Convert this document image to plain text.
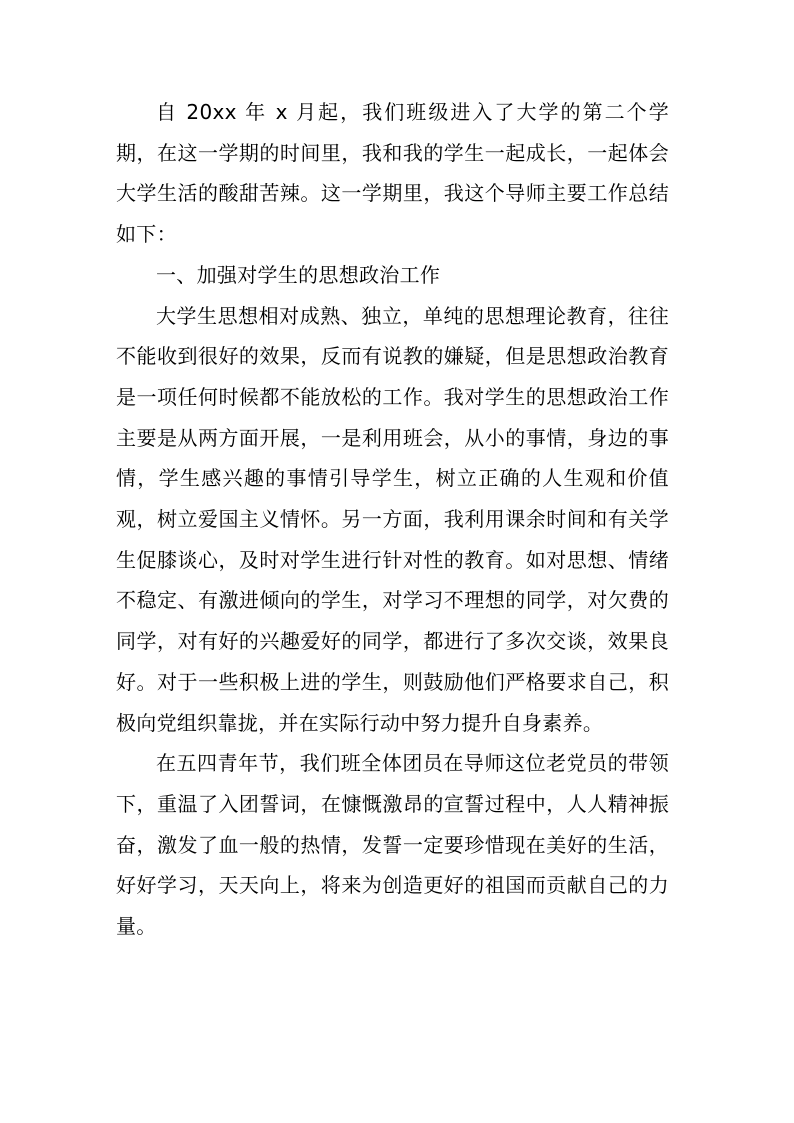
自 20xx 年 x 月起，我们班级进入了大学的第二个学期，在这一学期的时间里，我和我的学生一起成长，一起体会大学生活的酸甜苦辣。这一学期里，我这个导师主要工作总结如下：

一、加强对学生的思想政治工作

大学生思想相对成熟、独立，单纯的思想理论教育，往往不能收到很好的效果，反而有说教的嫌疑，但是思想政治教育是一项任何时候都不能放松的工作。我对学生的思想政治工作主要是从两方面开展，一是利用班会，从小的事情，身边的事情，学生感兴趣的事情引导学生，树立正确的人生观和价值观，树立爱国主义情怀。另一方面，我利用课余时间和有关学生促膝谈心，及时对学生进行针对性的教育。如对思想、情绪不稳定、有激进倾向的学生，对学习不理想的同学，对欠费的同学，对有好的兴趣爱好的同学，都进行了多次交谈，效果良好。对于一些积极上进的学生，则鼓励他们严格要求自己，积极向党组织靠拢，并在实际行动中努力提升自身素养。

在五四青年节，我们班全体团员在导师这位老党员的带领下，重温了入团誓词，在慷慨激昂的宣誓过程中，人人精神振奋，激发了血一般的热情，发誓一定要珍惜现在美好的生活，好好学习，天天向上，将来为创造更好的祖国而贡献自己的力量。
